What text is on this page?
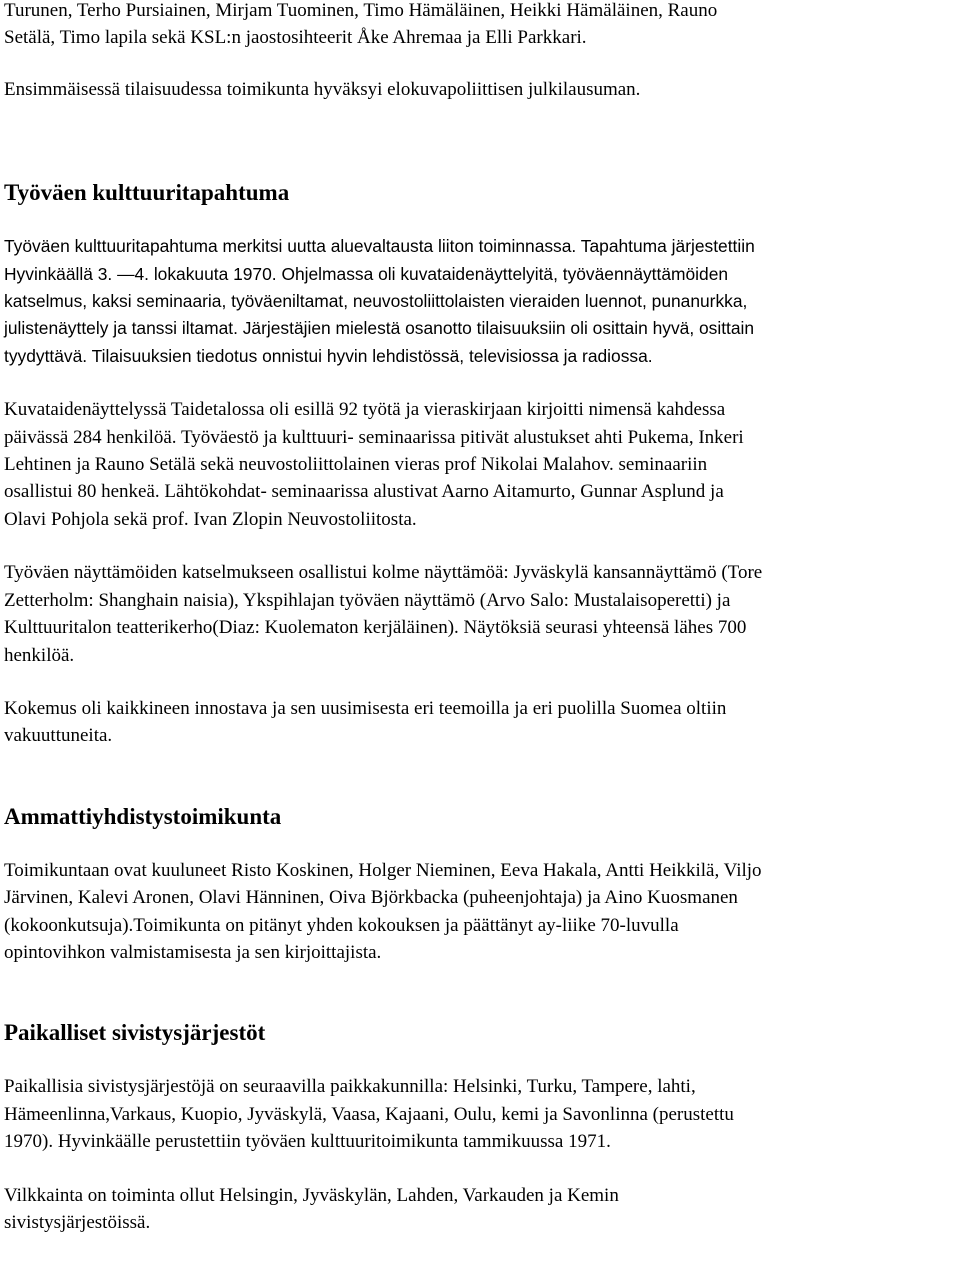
Turunen, Terho Pursiainen, Mirjam Tuominen, Timo Hämäläinen, Heikki Hämäläinen, Rauno

Setälä, Timo lapila sekä KSL:n jaostosihteerit Åke Ahremaa ja Elli Parkkari.

Ensimmäisessä tilaisuudessa toimikunta hyväksyi elokuvapoliittisen julkilausuman.

Työväen kulttuuritapahtuma

Työväen kulttuuritapahtuma merkitsi uutta aluevaltausta liiton toiminnassa. Tapahtuma järjestettiin

Hyvinkäällä 3. —4. lokakuuta 1970. Ohjelmassa oli kuvataidenäyttelyitä, työväennäyttämöiden

katselmus, kaksi seminaaria, työväeniltamat, neuvostoliittolaisten vieraiden luennot, punanurkka,

julistenäyttely ja tanssi iltamat. Järjestäjien mielestä osanotto tilaisuuksiin oli osittain hyvä, osittain

tyydyttävä. Tilaisuuksien tiedotus onnistui hyvin lehdistössä, televisiossa ja radiossa.

Kuvataidenäyttelyssä Taidetalossa oli esillä 92 työtä ja vieraskirjaan kirjoitti nimensä kahdessa

päivässä 284 henkilöä. Työväestö ja kulttuuri- seminaarissa pitivät alustukset ahti Pukema, Inkeri

Lehtinen ja Rauno Setälä sekä neuvostoliittolainen vieras prof Nikolai Malahov. seminaariin

osallistui 80 henkeä. Lähtökohdat- seminaarissa alustivat Aarno Aitamurto, Gunnar Asplund ja

Olavi Pohjola sekä prof. Ivan Zlopin Neuvostoliitosta.

Työväen näyttämöiden katselmukseen osallistui kolme näyttämöä: Jyväskylä kansannäyttämö (Tore

Zetterholm: Shanghain naisia), Ykspihlajan työväen näyttämö (Arvo Salo: Mustalaisoperetti) ja

Kulttuuritalon teatterikerho(Diaz: Kuolematon kerjäläinen). Näytöksiä seurasi yhteensä lähes 700

henkilöä.

Kokemus oli kaikkineen innostava ja sen uusimisesta eri teemoilla ja eri puolilla Suomea oltiin

vakuuttuneita.

Ammattiyhdistystoimikunta

Toimikuntaan ovat kuuluneet Risto Koskinen, Holger Nieminen, Eeva Hakala, Antti Heikkilä, Viljo

Järvinen, Kalevi Aronen, Olavi Hänninen, Oiva Björkbacka (puheenjohtaja) ja Aino Kuosmanen

(kokoonkutsuja).Toimikunta on pitänyt yhden kokouksen ja päättänyt ay-liike 70-luvulla

opintovihkon valmistamisesta ja sen kirjoittajista.

Paikalliset sivistysjärjestöt

Paikallisia sivistysjärjestöjä on seuraavilla paikkakunnilla: Helsinki, Turku, Tampere, lahti,

Hämeenlinna,Varkaus, Kuopio, Jyväskylä, Vaasa, Kajaani, Oulu, kemi ja Savonlinna (perustettu

1970). Hyvinkäälle perustettiin työväen kulttuuritoimikunta tammikuussa 1971.

Vilkkainta on toiminta ollut Helsingin, Jyväskylän, Lahden, Varkauden ja Kemin

sivistysjärjestöissä.
